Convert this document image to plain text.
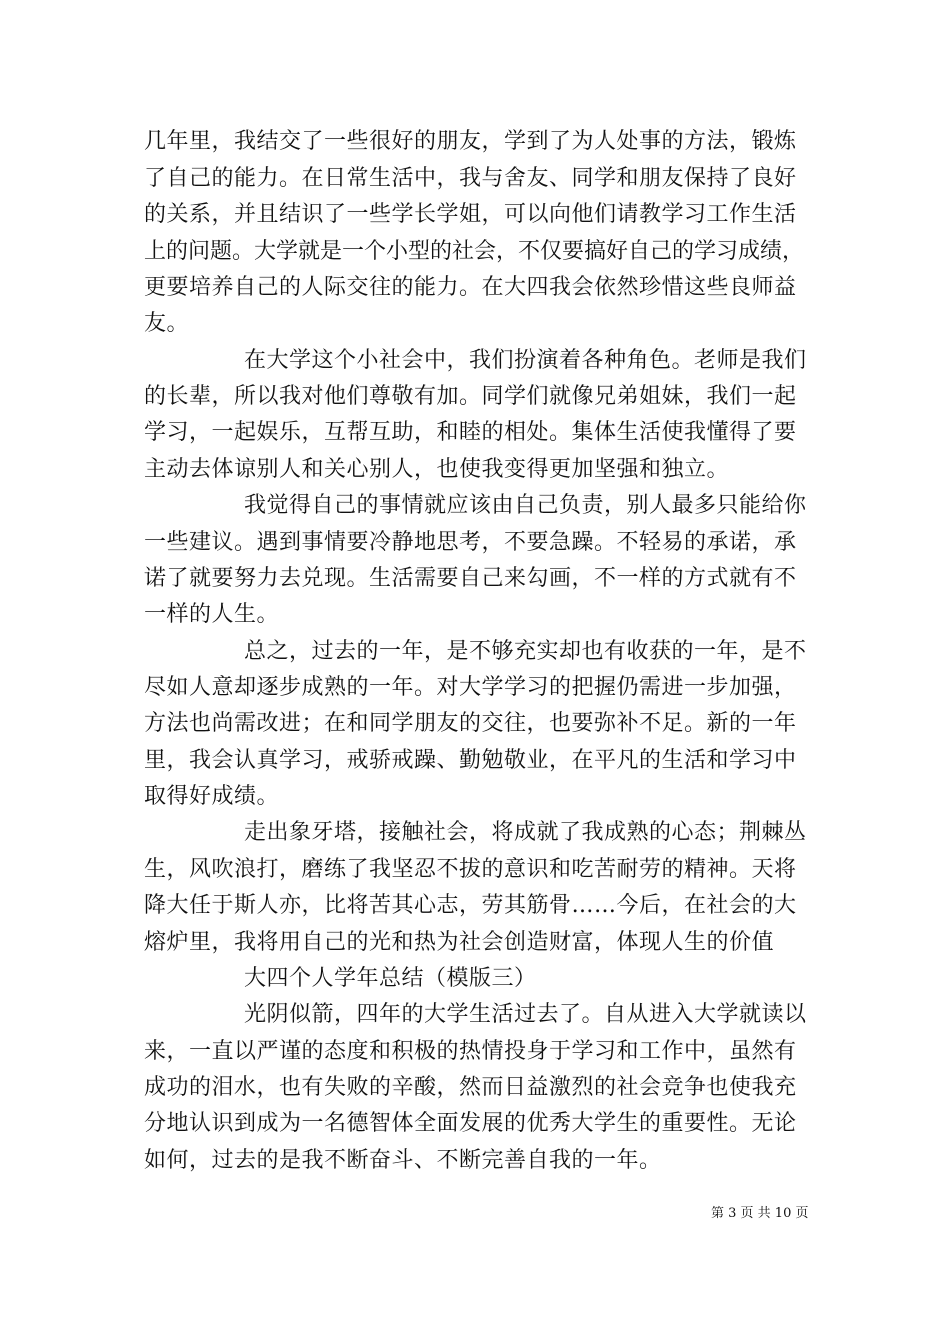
几年里，我结交了一些很好的朋友，学到了为人处事的方法，锻炼
了自己的能力。在日常生活中，我与舍友、同学和朋友保持了良好
的关系，并且结识了一些学长学姐，可以向他们请教学习工作生活
上的问题。大学就是一个小型的社会，不仅要搞好自己的学习成绩，
更要培养自己的人际交往的能力。在大四我会依然珍惜这些良师益
友。
在大学这个小社会中，我们扮演着各种角色。老师是我们
的长辈，所以我对他们尊敬有加。同学们就像兄弟姐妹，我们一起
学习，一起娱乐，互帮互助，和睦的相处。集体生活使我懂得了要
主动去体谅别人和关心别人，也使我变得更加坚强和独立。
我觉得自己的事情就应该由自己负责，别人最多只能给你
一些建议。遇到事情要冷静地思考，不要急躁。不轻易的承诺，承
诺了就要努力去兑现。生活需要自己来勾画，不一样的方式就有不
一样的人生。
总之，过去的一年，是不够充实却也有收获的一年，是不
尽如人意却逐步成熟的一年。对大学学习的把握仍需进一步加强，
方法也尚需改进；在和同学朋友的交往，也要弥补不足。新的一年
里，我会认真学习，戒骄戒躁、勤勉敬业，在平凡的生活和学习中
取得好成绩。
走出象牙塔，接触社会，将成就了我成熟的心态；荆棘丛
生，风吹浪打，磨练了我坚忍不拔的意识和吃苦耐劳的精神。天将
降大任于斯人亦，比将苦其心志，劳其筋骨……今后，在社会的大
熔炉里，我将用自己的光和热为社会创造财富，体现人生的价值
大四个人学年总结（模版三）
光阴似箭，四年的大学生活过去了。自从进入大学就读以
来，一直以严谨的态度和积极的热情投身于学习和工作中，虽然有
成功的泪水，也有失败的辛酸，然而日益激烈的社会竞争也使我充
分地认识到成为一名德智体全面发展的优秀大学生的重要性。无论
如何，过去的是我不断奋斗、不断完善自我的一年。
第 3 页 共 10 页
